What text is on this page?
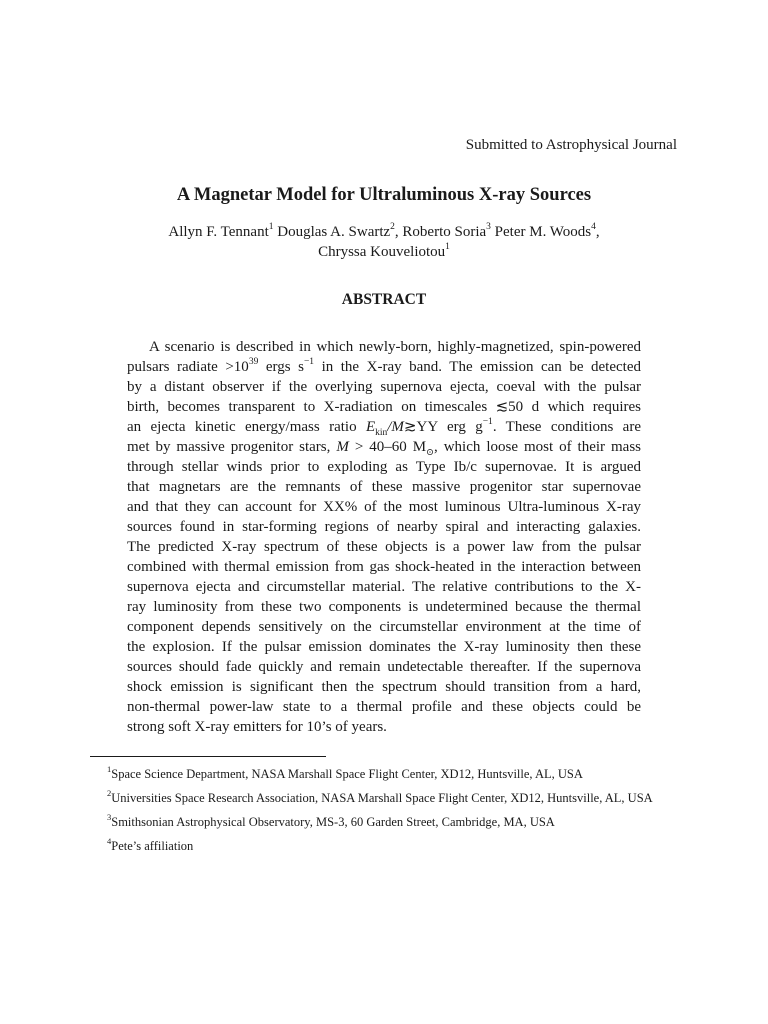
Submitted to Astrophysical Journal
A Magnetar Model for Ultraluminous X-ray Sources
Allyn F. Tennant$^1$ Douglas A. Swartz$^2$, Roberto Soria$^3$ Peter M. Woods$^4$,
Chryssa Kouveliotou$^1$
ABSTRACT
A scenario is described in which newly-born, highly-magnetized, spin-powered
pulsars radiate $>10^{39}$ ergs $s^{-1}$ in the X-ray band. The emission can be detected
by a distant observer if the overlying supernova ejecta, coeval with the pulsar
birth, becomes transparent to X-radiation on timescales ≲50 d which requires
an ejecta kinetic energy/mass ratio $E_{kin}/M≳YY$ erg $g^{-1}$. These conditions are
met by massive progenitor stars, M > 40–60 $M_⊙$, which loose most of their mass
through stellar winds prior to exploding as Type Ib/c supernovae. It is argued
that magnetars are the remnants of these massive progenitor star supernovae
and that they can account for XX% of the most luminous Ultra-luminous X-ray
sources found in star-forming regions of nearby spiral and interacting galaxies.
The predicted X-ray spectrum of these objects is a power law from the pulsar
combined with thermal emission from gas shock-heated in the interaction between
supernova ejecta and circumstellar material. The relative contributions to the X-
ray luminosity from these two components is undetermined because the thermal
component depends sensitively on the circumstellar environment at the time of
the explosion. If the pulsar emission dominates the X-ray luminosity then these
sources should fade quickly and remain undetectable thereafter. If the supernova
shock emission is significant then the spectrum should transition from a hard,
non-thermal power-law state to a thermal profile and these objects could be
strong soft X-ray emitters for 10’s of years.
$^1$Space Science Department, NASA Marshall Space Flight Center, XD12, Huntsville, AL, USA
$^2$Universities Space Research Association, NASA Marshall Space Flight Center, XD12, Huntsville, AL, USA
$^3$Smithsonian Astrophysical Observatory, MS-3, 60 Garden Street, Cambridge, MA, USA
$^4$Pete’s affiliation
